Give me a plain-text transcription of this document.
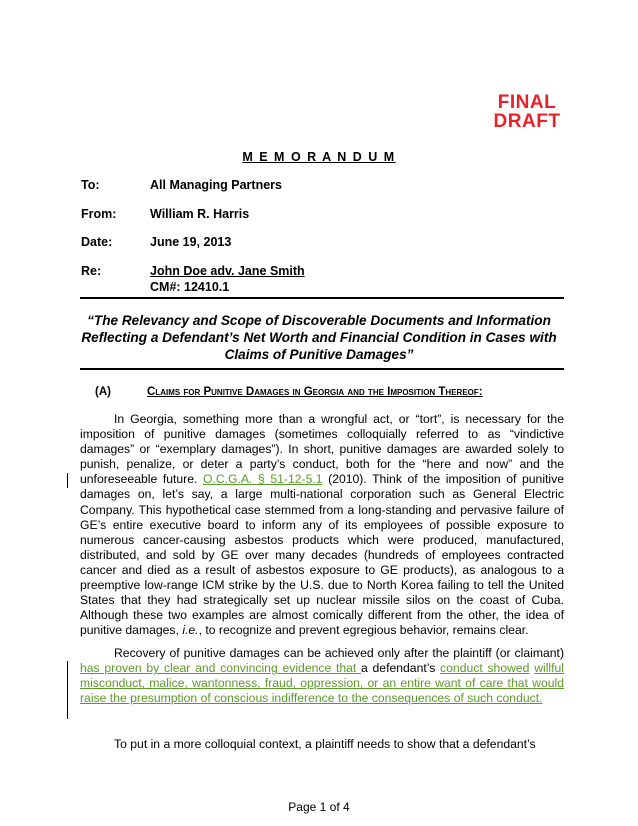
FINAL
DRAFT
M E M O R A N D U M
To:	All Managing Partners
From:	William R. Harris
Date:	June 19, 2013
Re:	John Doe adv. Jane Smith
CM#: 12410.1
“The Relevancy and Scope of Discoverable Documents and Information
Reflecting a Defendant’s Net Worth and Financial Condition in Cases with
Claims of Punitive Damages”
(A)	Claims for Punitive Damages in Georgia and the Imposition Thereof:
In Georgia, something more than a wrongful act, or “tort”, is necessary for the imposition of punitive damages (sometimes colloquially referred to as “vindictive damages” or “exemplary damages”). In short, punitive damages are awarded solely to punish, penalize, or deter a party’s conduct, both for the “here and now” and the unforeseeable future. O.C.G.A. § 51-12-5.1 (2010). Think of the imposition of punitive damages on, let’s say, a large multi-national corporation such as General Electric Company. This hypothetical case stemmed from a long-standing and pervasive failure of GE’s entire executive board to inform any of its employees of possible exposure to numerous cancer-causing asbestos products which were produced, manufactured, distributed, and sold by GE over many decades (hundreds of employees contracted cancer and died as a result of asbestos exposure to GE products), as analogous to a preemptive low-range ICM strike by the U.S. due to North Korea failing to tell the United States that they had strategically set up nuclear missile silos on the coast of Cuba. Although these two examples are almost comically different from the other, the idea of punitive damages, i.e., to recognize and prevent egregious behavior, remains clear.
Recovery of punitive damages can be achieved only after the plaintiff (or claimant) has proven by clear and convincing evidence that a defendant’s conduct showed willful misconduct, malice, wantonness, fraud, oppression, or an entire want of care that would raise the presumption of conscious indifference to the consequences of such conduct.
To put in a more colloquial context, a plaintiff needs to show that a defendant’s
Page 1 of 4
